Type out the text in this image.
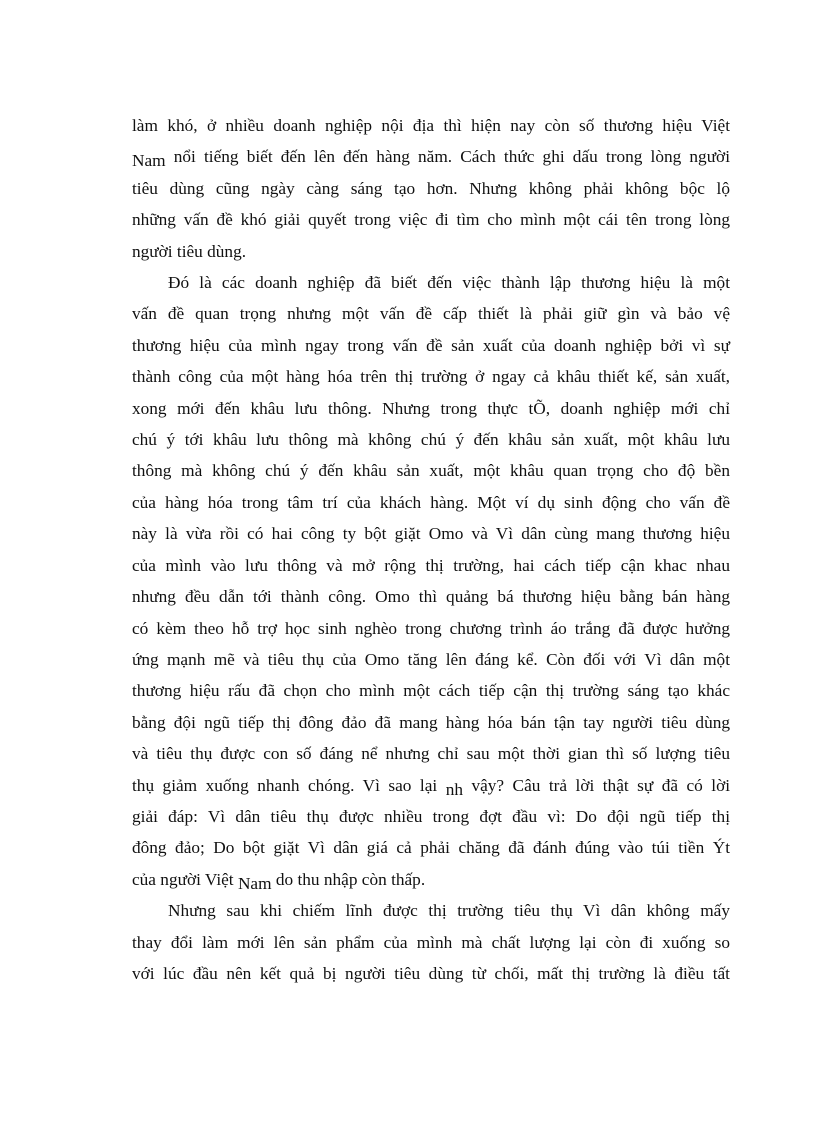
làm khó, ở nhiều doanh nghiệp nội địa thì hiện nay còn số thương hiệu Việt
Nam nổi tiếng biết đến lên đến hàng năm. Cách thức ghi dấu trong lòng người
tiêu dùng cũng ngày càng sáng tạo hơn. Nhưng không phải không bộc lộ
những vấn đề khó giải quyết trong việc đi tìm cho mình một cái tên trong lòng
người tiêu dùng.
Đó là các doanh nghiệp đã biết đến việc thành lập thương hiệu là một
vấn đề quan trọng nhưng một vấn đề cấp thiết là phải giữ gìn và bảo vệ
thương hiệu của mình ngay trong vấn đề sản xuất của doanh nghiệp bởi vì sự
thành công của một hàng hóa trên thị trường ở ngay cả khâu thiết kế, sản xuất,
xong mới đến khâu lưu thông. Nhưng trong thực tÕ, doanh nghiệp mới chỉ
chú ý tới khâu lưu thông mà không chú ý đến khâu sản xuất, một khâu lưu
thông mà không chú ý đến khâu sản xuất, một khâu quan trọng cho độ bền
của hàng hóa trong tâm trí của khách hàng. Một ví dụ sinh động cho vấn đề
này là vừa rồi có hai công ty bột giặt Omo và Vì dân cùng mang thương hiệu
của mình vào lưu thông và mở rộng thị trường, hai cách tiếp cận khac nhau
nhưng đều dẫn tới thành công. Omo thì quảng bá thương hiệu bằng bán hàng
có kèm theo hỗ trợ học sinh nghèo trong chương trình áo trắng đã được hưởng
ứng mạnh mẽ và tiêu thụ của Omo tăng lên đáng kể. Còn đối với Vì dân một
thương hiệu rấu đã chọn cho mình một cách tiếp cận thị trường sáng tạo khác
bằng đội ngũ tiếp thị đông đảo đã mang hàng hóa bán tận tay người tiêu dùng
và tiêu thụ được con số đáng nể nhưng chỉ sau một thời gian thì số lượng tiêu
thụ giảm xuống nhanh chóng. Vì sao lại nh vậy? Câu trả lời thật sự đã có lời
giải đáp: Vì dân tiêu thụ được nhiều trong đợt đầu vì: Do đội ngũ tiếp thị
đông đảo; Do bột giặt Vì dân giá cả phải chăng đã đánh đúng vào túi tiền Ýt
của người Việt Nam do thu nhập còn thấp.
Nhưng sau khi chiếm lĩnh được thị trường tiêu thụ Vì dân không mấy
thay đổi làm mới lên sản phẩm của mình mà chất lượng lại còn đi xuống so
với lúc đầu nên kết quả bị người tiêu dùng từ chối, mất thị trường là điều tất
